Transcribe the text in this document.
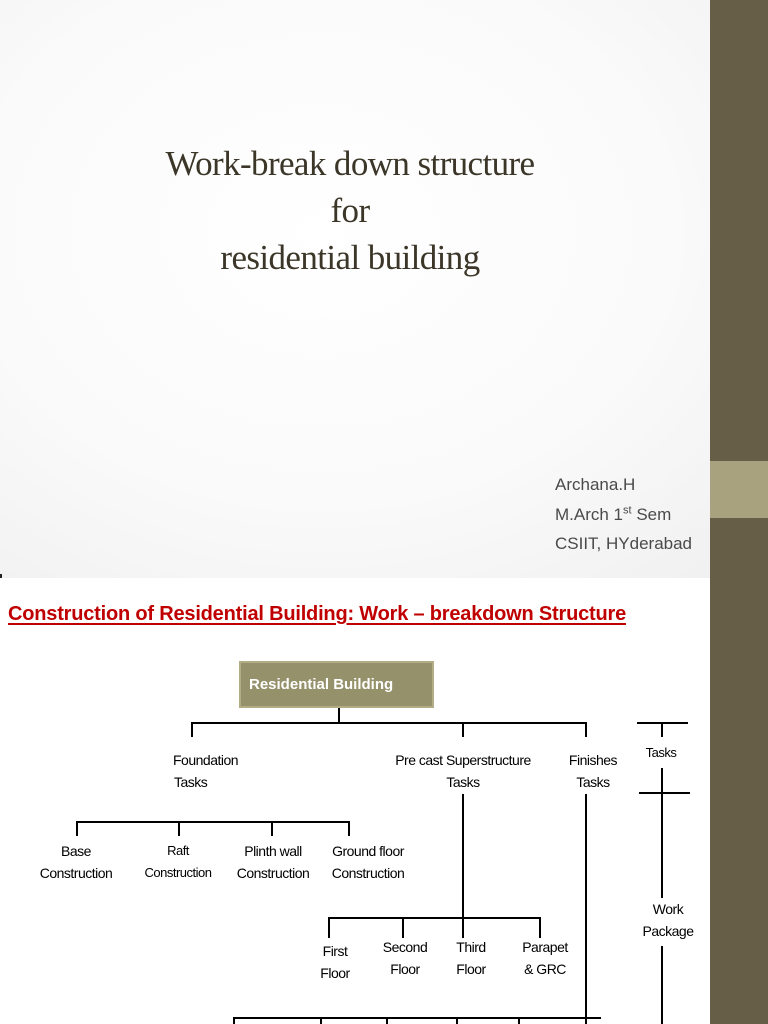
Work-break down structure
for
residential building
Archana.H
M.Arch 1st Sem
CSIIT, HYderabad
Construction of Residential Building: Work – breakdown Structure
Residential Building
Foundation
Tasks
Pre cast Superstructure
Tasks
Finishes
Tasks
Base
Construction
Raft
Construction
Plinth wall
Construction
Ground floor
Construction
First
Floor
Second
Floor
Third
Floor
Parapet
& GRC
Tasks
Work
Package
